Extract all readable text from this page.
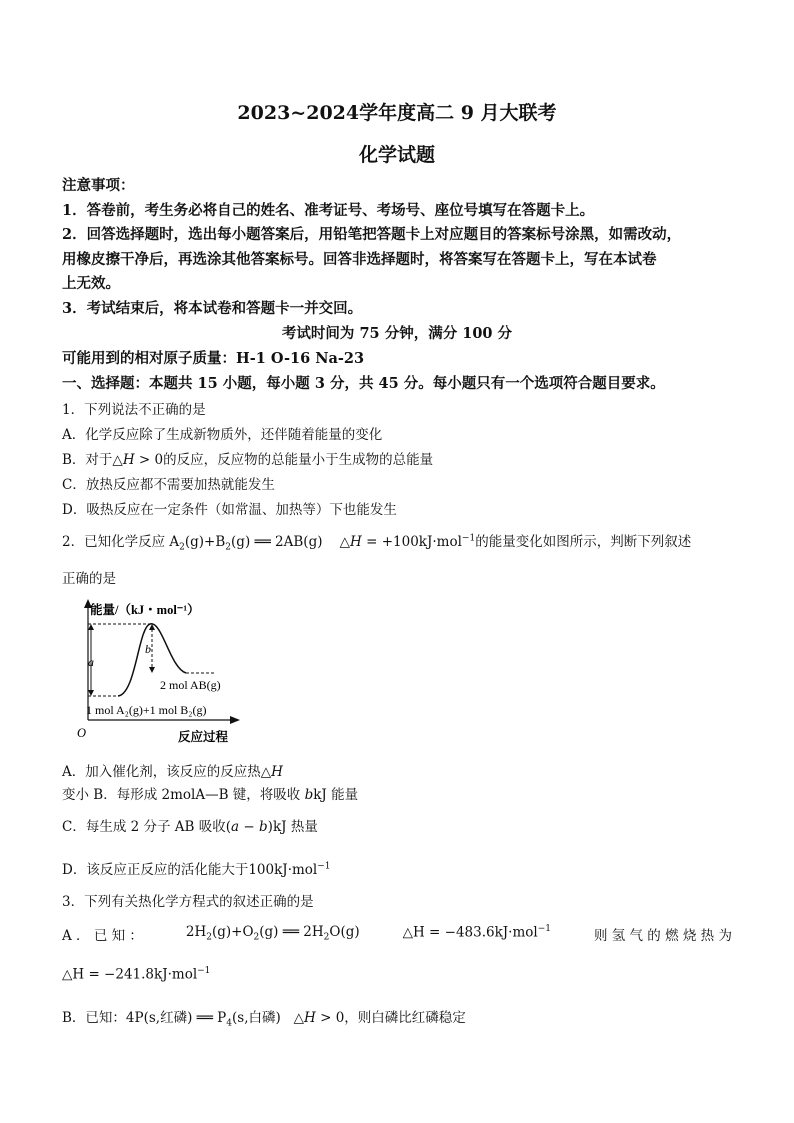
2023~2024学年度高二 9 月大联考
化学试题
注意事项：
1．答卷前，考生务必将自己的姓名、准考证号、考场号、座位号填写在答题卡上。
2．回答选择题时，选出每小题答案后，用铅笔把答题卡上对应题目的答案标号涂黑，如需改动，
用橡皮擦干净后，再选涂其他答案标号。回答非选择题时，将答案写在答题卡上，写在本试卷
上无效。
3．考试结束后，将本试卷和答题卡一并交回。
考试时间为 75 分钟，满分 100 分
可能用到的相对原子质量：H-1 O-16 Na-23
一、选择题：本题共 15 小题，每小题 3 分，共 45 分。每小题只有一个选项符合题目要求。
1．下列说法不正确的是
A．化学反应除了生成新物质外，还伴随着能量的变化
B．对于△H > 0的反应，反应物的总能量小于生成物的总能量
C．放热反应都不需要加热就能发生
D．吸热反应在一定条件（如常温、加热等）下也能发生
2．已知化学反应 $A_2(g)+B_2(g)$ ══ 2AB(g)    △H = +100kJ·mol$^{-1}$的能量变化如图所示，判断下列叙述
正确的是
能量/（kJ・mol⁻¹）
反应过程
O
a
b
2 mol AB(g)
1 mol A₂(g)+1 mol B₂(g)
A．加入催化剂，该反应的反应热△H
变小 B．每形成 2molA—B 键，将吸收 bkJ 能量
C．每生成 2 分子 AB 吸收(a − b)kJ 热量
D．该反应正反应的活化能大于100kJ·mol$^{-1}$
3．下列有关热化学方程式的叙述正确的是
A ． 已 知 ：	$2H_2(g)+O_2(g)$ ══ $2H_2O(g)$	△H = −483.6kJ·mol$^{-1}$	则 氢 气 的 燃 烧 热 为
△H = −241.8kJ·mol$^{-1}$
B．已知：4P(s,红磷) ══ $P_4(s$,白磷)   △H > 0，则白磷比红磷稳定
